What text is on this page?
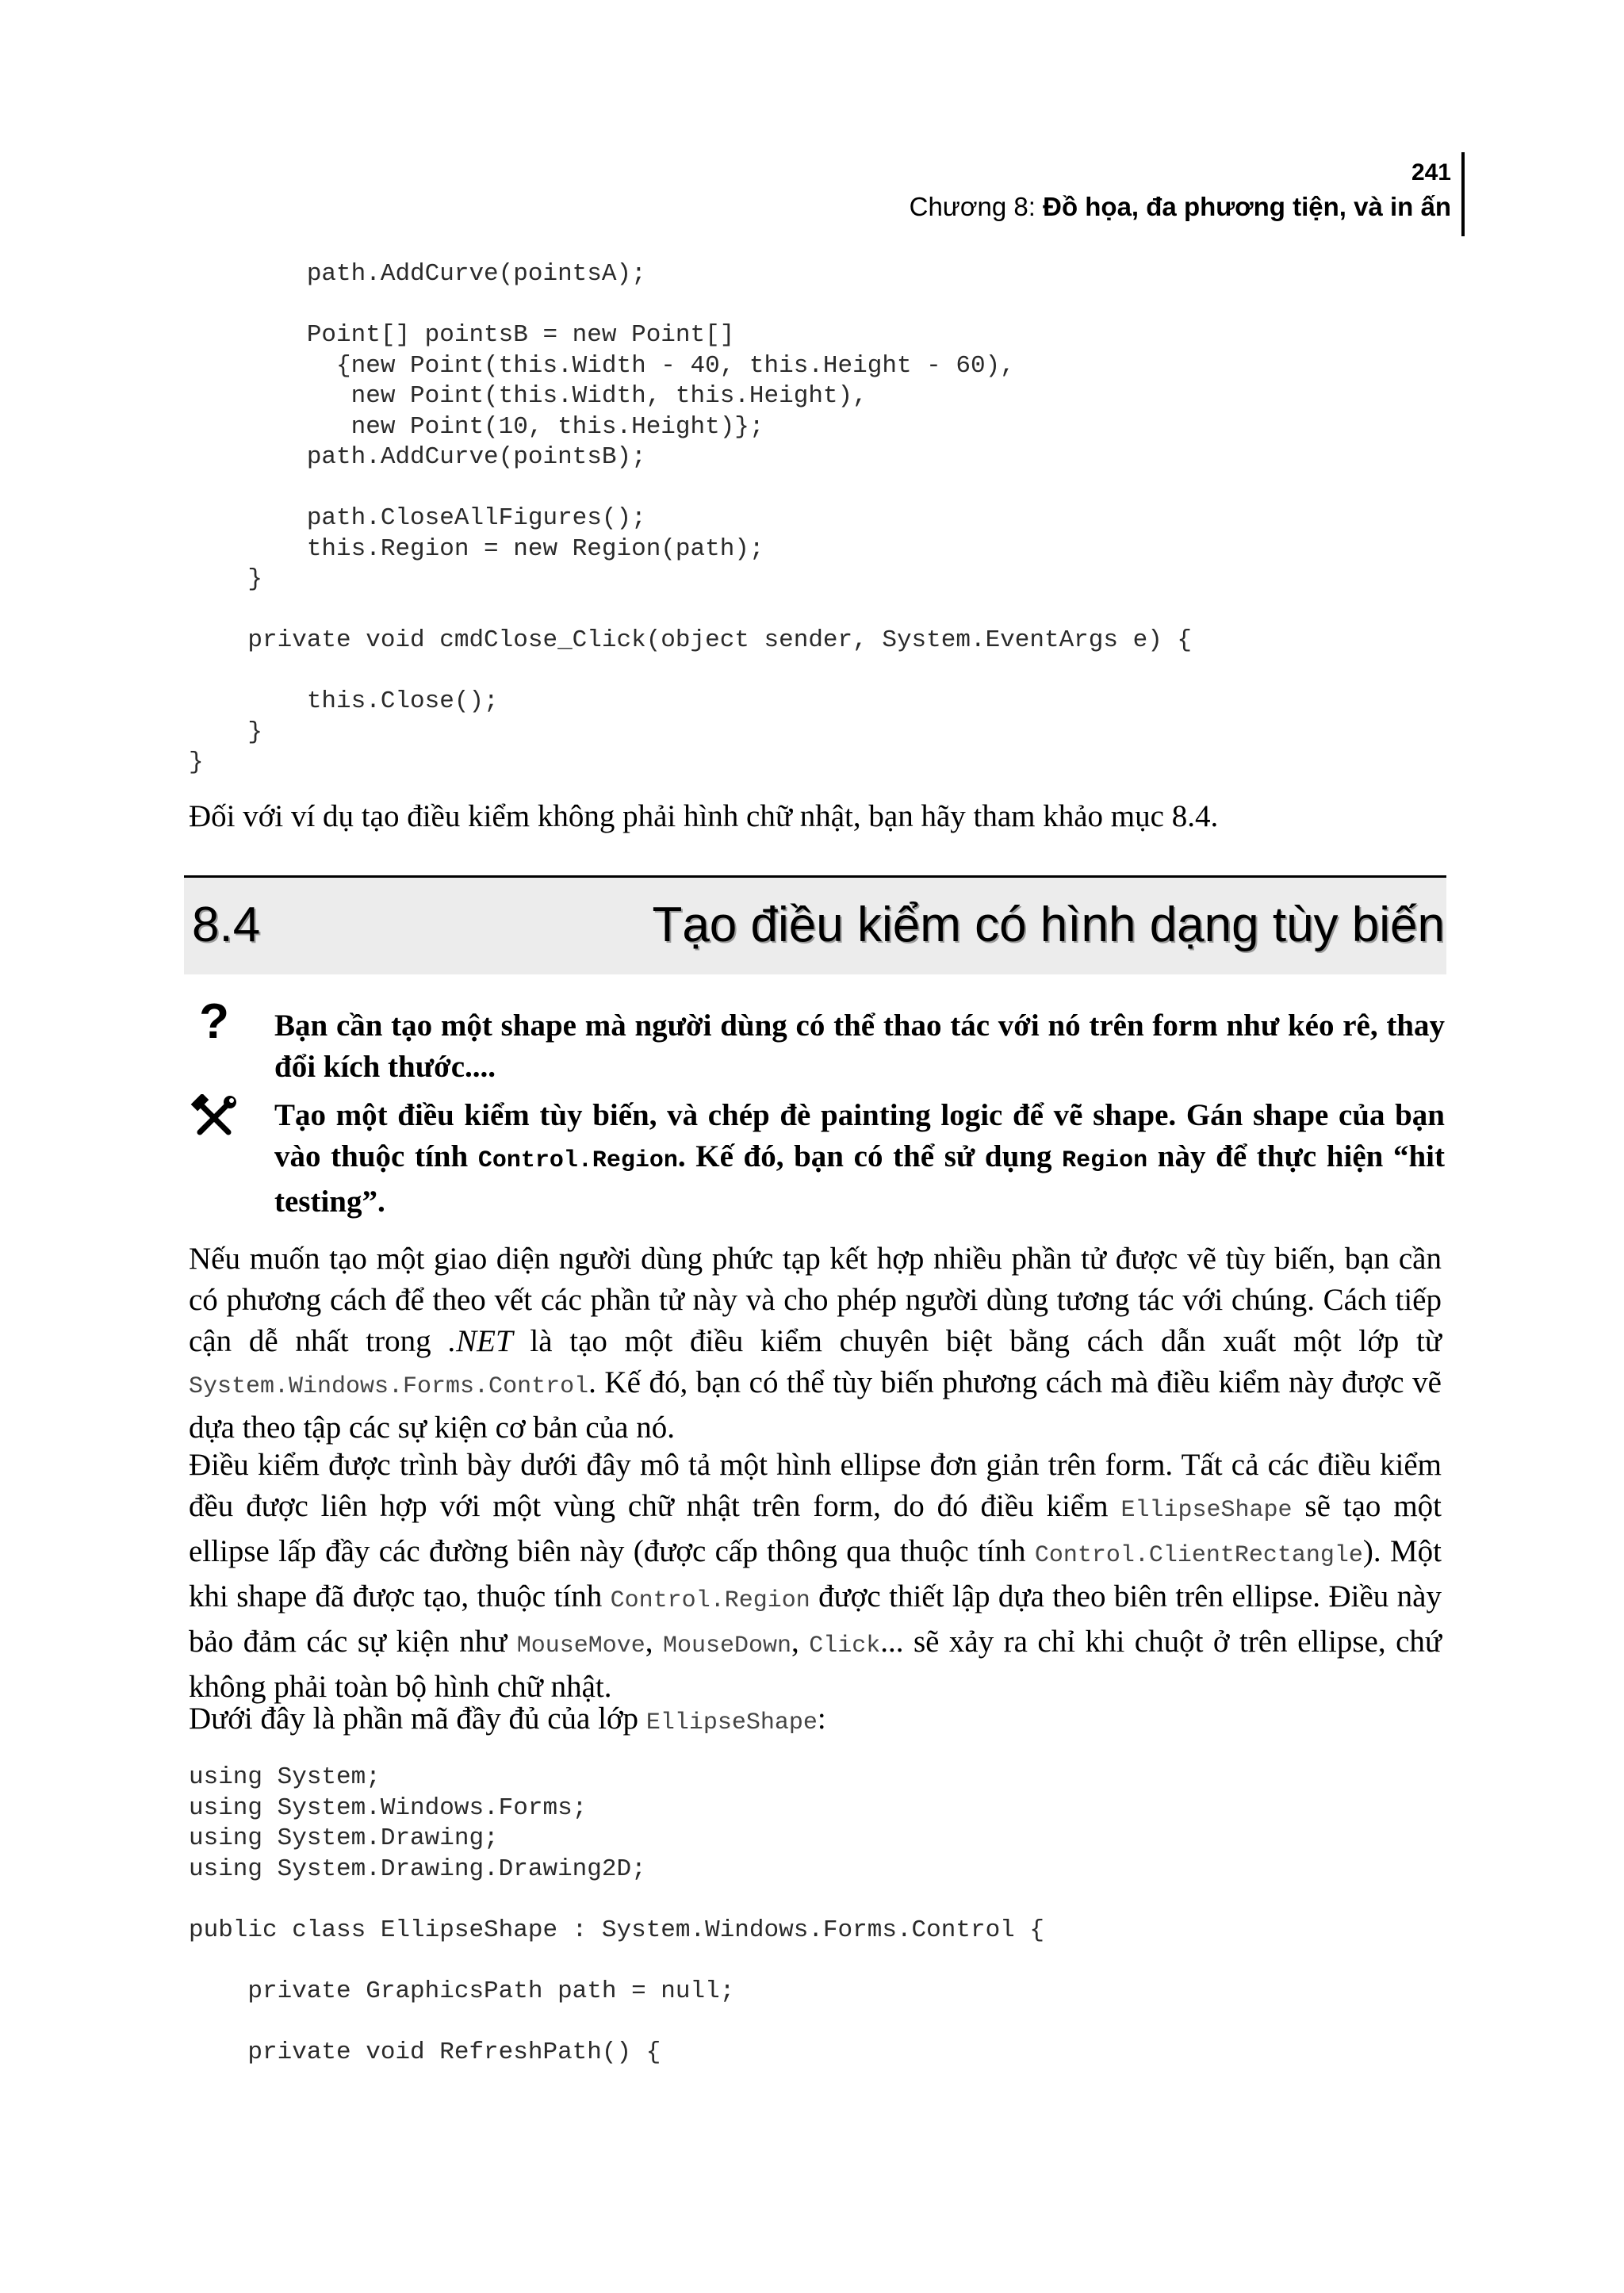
241
Chương 8: Đồ họa, đa phương tiện, và in ấn
path.AddCurve(pointsA);

Point[] pointsB = new Point[]
{new Point(this.Width - 40, this.Height - 60),
new Point(this.Width, this.Height),
new Point(10, this.Height)};
path.AddCurve(pointsB);

path.CloseAllFigures();
this.Region = new Region(path);
}

private void cmdClose_Click(object sender, System.EventArgs e) {

this.Close();
}
}
Đối với ví dụ tạo điều kiểm không phải hình chữ nhật, bạn hãy tham khảo mục 8.4.
8.4	Tạo điều kiểm có hình dạng tùy biến
? Bạn cần tạo một shape mà người dùng có thể thao tác với nó trên form như kéo rê, thay đổi kích thước....
Tạo một điều kiểm tùy biến, và chép đè painting logic để vẽ shape. Gán shape của bạn vào thuộc tính Control.Region. Kế đó, bạn có thể sử dụng Region này để thực hiện “hit testing”.
Nếu muốn tạo một giao diện người dùng phức tạp kết hợp nhiều phần tử được vẽ tùy biến, bạn cần có phương cách để theo vết các phần tử này và cho phép người dùng tương tác với chúng. Cách tiếp cận dễ nhất trong .NET là tạo một điều kiểm chuyên biệt bằng cách dẫn xuất một lớp từ System.Windows.Forms.Control. Kế đó, bạn có thể tùy biến phương cách mà điều kiểm này được vẽ dựa theo tập các sự kiện cơ bản của nó.
Điều kiểm được trình bày dưới đây mô tả một hình ellipse đơn giản trên form. Tất cả các điều kiểm đều được liên hợp với một vùng chữ nhật trên form, do đó điều kiểm EllipseShape sẽ tạo một ellipse lấp đầy các đường biên này (được cấp thông qua thuộc tính Control.ClientRectangle). Một khi shape đã được tạo, thuộc tính Control.Region được thiết lập dựa theo biên trên ellipse. Điều này bảo đảm các sự kiện như MouseMove, MouseDown, Click... sẽ xảy ra chỉ khi chuột ở trên ellipse, chứ không phải toàn bộ hình chữ nhật.
Dưới đây là phần mã đầy đủ của lớp EllipseShape:
using System;
using System.Windows.Forms;
using System.Drawing;
using System.Drawing.Drawing2D;

public class EllipseShape : System.Windows.Forms.Control {

private GraphicsPath path = null;

private void RefreshPath() {
